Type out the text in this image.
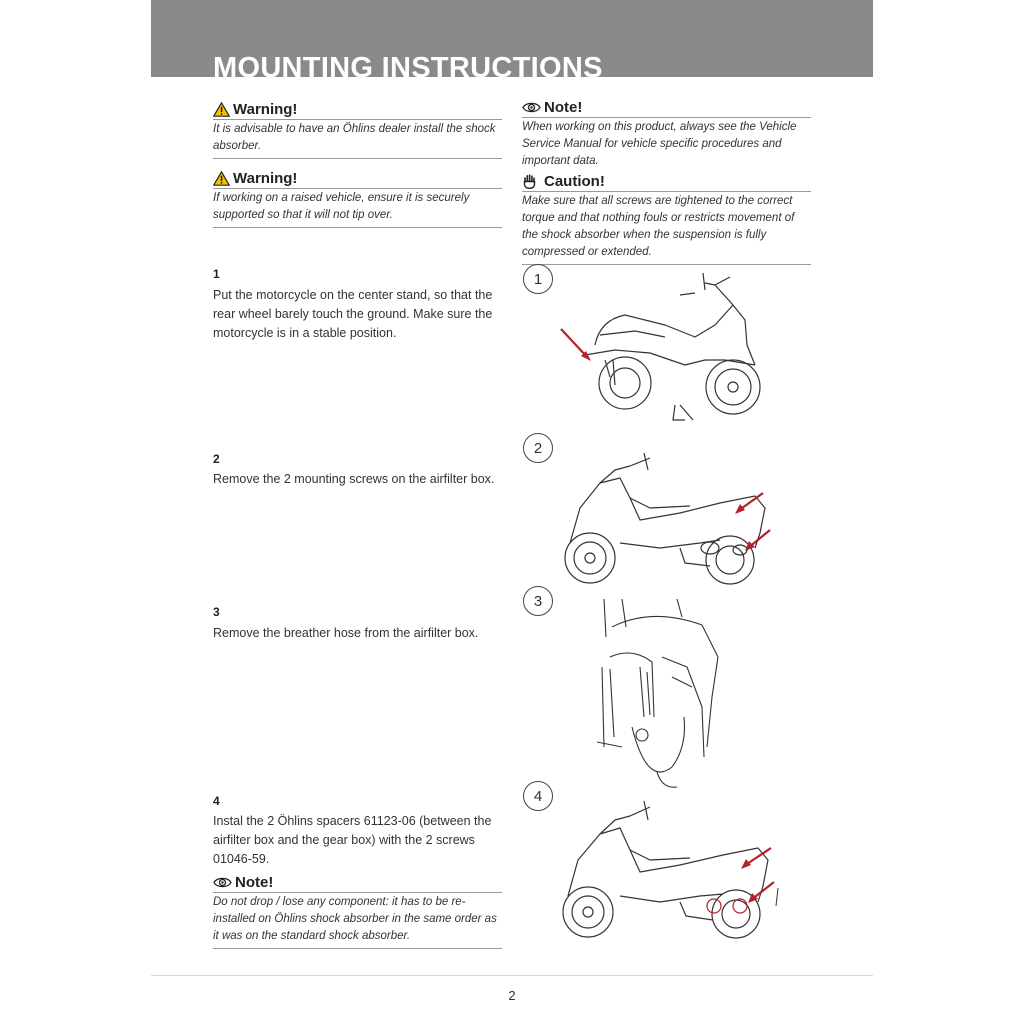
MOUNTING INSTRUCTIONS
Warning!
It is advisable to have an Öhlins dealer install the shock absorber.
Warning!
If working on a raised vehicle, ensure it is securely supported so that it will not tip over.
Note!
When working on this product, always see the Vehicle Service Manual for vehicle specific procedures and important data.
Caution!
Make sure that all screws are tightened to the correct torque and that nothing fouls or restricts movement of the shock absorber when the suspension is fully compressed or extended.
1
Put the motorcycle on the center stand, so that the rear wheel barely touch the ground. Make sure the motorcycle is in a stable position.
1
2
Remove the 2 mounting screws on the airfilter box.
2
3
Remove the breather hose from the airfilter box.
3
4
Instal the 2 Öhlins spacers 61123-06 (between the airfilter box and the gear box) with the 2 screws 01046-59.
4
Note!
Do not drop / lose any component: it has to be re-installed on Öhlins shock absorber in the same order as it was on the standard shock absorber.
2
